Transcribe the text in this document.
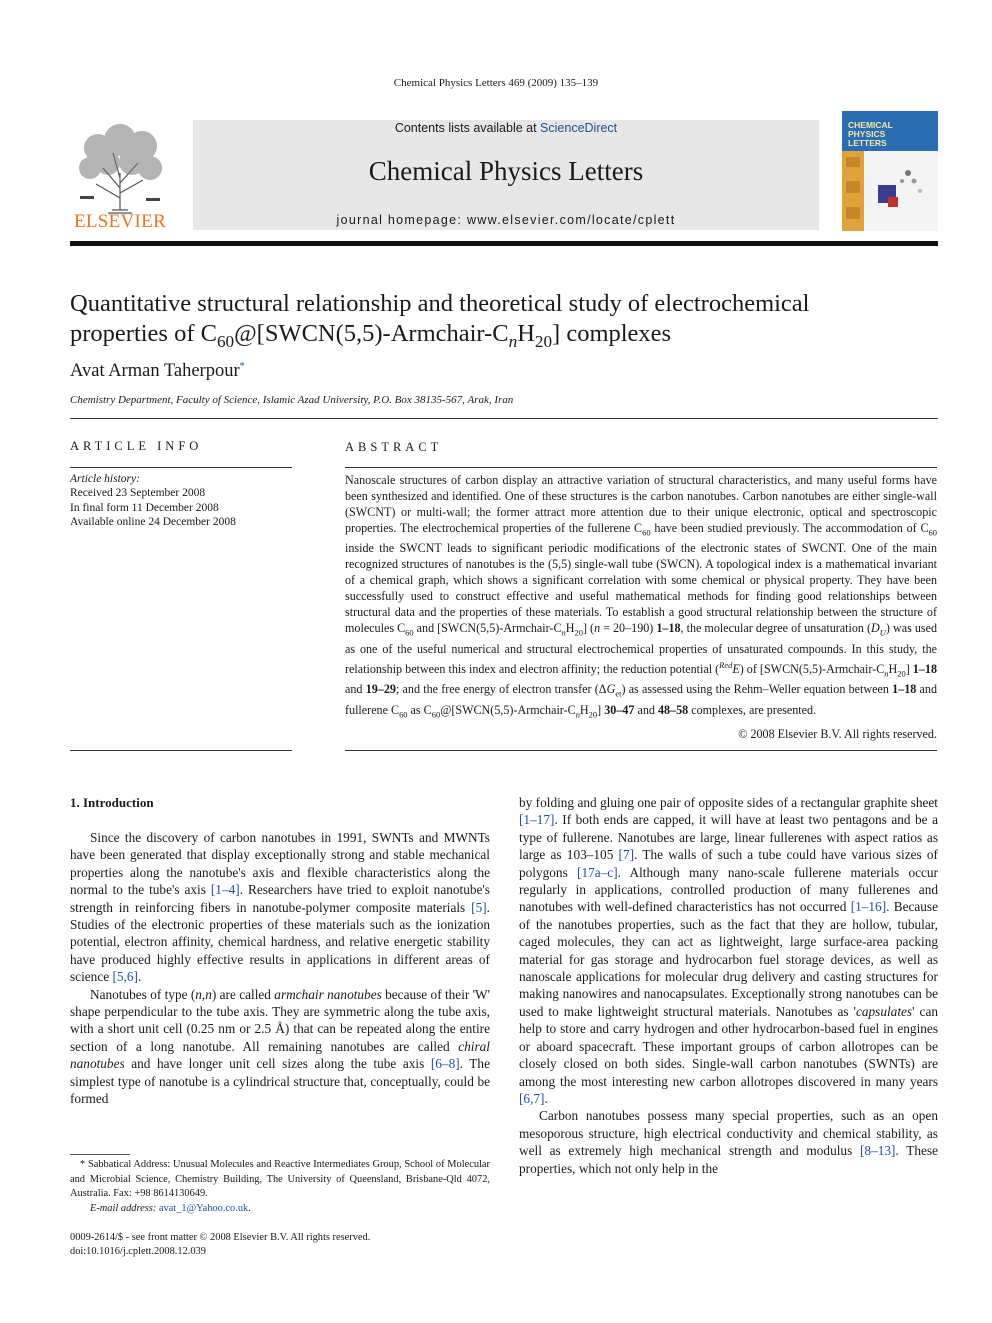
Chemical Physics Letters 469 (2009) 135–139
ELSEVIER
Contents lists available at ScienceDirect
Chemical Physics Letters
journal homepage: www.elsevier.com/locate/cplett
CHEMICAL
PHYSICS
LETTERS
Quantitative structural relationship and theoretical study of electrochemical
properties of $C_{60}@[SWCN(5,5)-Armchair-C_nH_{20}]$ complexes
Avat Arman Taherpour*
Chemistry Department, Faculty of Science, Islamic Azad University, P.O. Box 38135-567, Arak, Iran
ARTICLE INFO
Article history:
Received 23 September 2008
In final form 11 December 2008
Available online 24 December 2008
ABSTRACT
Nanoscale structures of carbon display an attractive variation of structural characteristics, and many useful forms have been synthesized and identified. One of these structures is the carbon nanotubes. Carbon nanotubes are either single-wall (SWCNT) or multi-wall; the former attract more attention due to their unique electronic, optical and spectroscopic properties. The electrochemical properties of the fullerene $C_{60}$ have been studied previously. The accommodation of $C_{60}$ inside the SWCNT leads to significant periodic modifications of the electronic states of SWCNT. One of the main recognized structures of nanotubes is the (5,5) single-wall tube (SWCN). A topological index is a mathematical invariant of a chemical graph, which shows a significant correlation with some chemical or physical property. They have been successfully used to construct effective and useful mathematical methods for finding good relationships between structural data and the properties of these materials. To establish a good structural relationship between the structure of molecules $C_{60}$ and $[SWCN(5,5)-Armchair-C_nH_{20}] (n = 20-190)$ 1–18, the molecular degree of unsaturation $(D_U)$ was used as one of the useful numerical and structural electrochemical properties of unsaturated compounds. In this study, the relationship between this index and electron affinity; the reduction potential ($^{Red}$E) of $[SWCN(5,5)-Armchair-C_nH_{20}]$ 1–18 and 19–29; and the free energy of electron transfer $(\Delta G_{et})$ as assessed using the Rehm–Weller equation between 1–18 and fullerene $C_{60}$ as $C_{60}@[SWCN(5,5)-Armchair-C_nH_{20}]$ 30–47 and 48–58 complexes, are presented.
© 2008 Elsevier B.V. All rights reserved.
1. Introduction

Since the discovery of carbon nanotubes in 1991, SWNTs and MWNTs have been generated that display exceptionally strong and stable mechanical properties along the nanotube's axis and flexible characteristics along the normal to the tube's axis [1–4]. Researchers have tried to exploit nanotube's strength in reinforcing fibers in nanotube-polymer composite materials [5]. Studies of the electronic properties of these materials such as the ionization potential, electron affinity, chemical hardness, and relative energetic stability have produced highly effective results in applications in different areas of science [5,6].

Nanotubes of type (n,n) are called armchair nanotubes because of their 'W' shape perpendicular to the tube axis. They are symmetric along the tube axis, with a short unit cell (0.25 nm or 2.5 Å) that can be repeated along the entire section of a long nanotube. All remaining nanotubes are called chiral nanotubes and have longer unit cell sizes along the tube axis [6–8]. The simplest type of nanotube is a cylindrical structure that, conceptually, could be formed

by folding and gluing one pair of opposite sides of a rectangular graphite sheet [1–17]. If both ends are capped, it will have at least two pentagons and be a type of fullerene. Nanotubes are large, linear fullerenes with aspect ratios as large as 103–105 [7]. The walls of such a tube could have various sizes of polygons [17a–c]. Although many nano-scale fullerene materials occur regularly in applications, controlled production of many fullerenes and nanotubes with well-defined characteristics has not occurred [1–16]. Because of the nanotubes properties, such as the fact that they are hollow, tubular, caged molecules, they can act as lightweight, large surface-area packing material for gas storage and hydrocarbon fuel storage devices, as well as nanoscale applications for molecular drug delivery and casting structures for making nanowires and nanocapsulates. Exceptionally strong nanotubes can be used to make lightweight structural materials. Nanotubes as 'capsulates' can help to store and carry hydrogen and other hydrocarbon-based fuel in engines or aboard spacecraft. These important groups of carbon allotropes can be closely closed on both sides. Single-wall carbon nanotubes (SWNTs) are among the most interesting new carbon allotropes discovered in many years [6,7].

Carbon nanotubes possess many special properties, such as an open mesoporous structure, high electrical conductivity and chemical stability, as well as extremely high mechanical strength and modulus [8–13]. These properties, which not only help in the

* Sabbatical Address: Unusual Molecules and Reactive Intermediates Group, School of Molecular and Microbial Science, Chemistry Building, The University of Queensland, Brisbane-Qld 4072, Australia. Fax: +98 8614130649.
E-mail address: avat_1@Yahoo.co.uk.
0009-2614/$ - see front matter © 2008 Elsevier B.V. All rights reserved.
doi:10.1016/j.cplett.2008.12.039
